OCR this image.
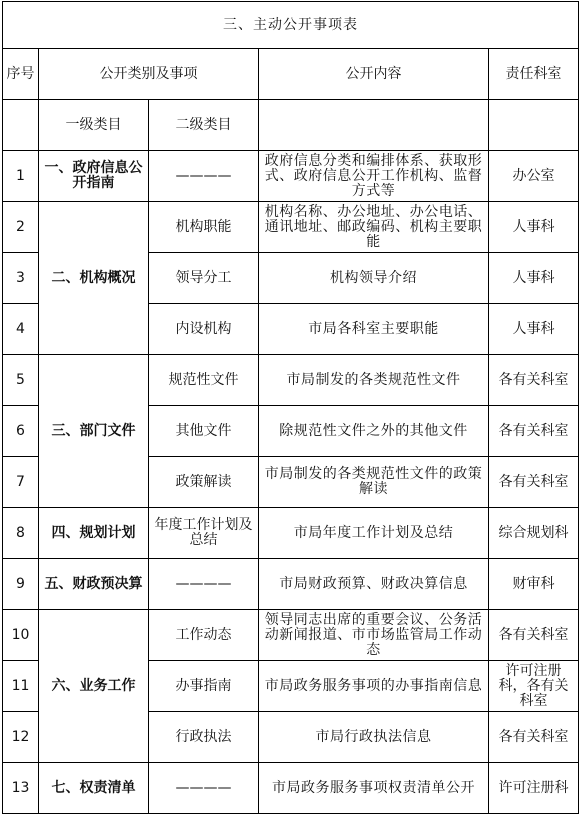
三、主动公开事项表				
序号	公开类别及事项		公开内容	责任科室
	一级类目	二级类目		
1	一、政府信息公开指南	————	政府信息分类和编排体系、获取形式、政府信息公开工作机构、监督方式等	办公室
2	二、机构概况	机构职能	机构名称、办公地址、办公电话、通讯地址、邮政编码、机构主要职能	人事科
3		领导分工	机构领导介绍	人事科
4		内设机构	市局各科室主要职能	人事科
5	三、部门文件	规范性文件	市局制发的各类规范性文件	各有关科室
6		其他文件	除规范性文件之外的其他文件	各有关科室
7		政策解读	市局制发的各类规范性文件的政策解读	各有关科室
8	四、规划计划	年度工作计划及总结	市局年度工作计划及总结	综合规划科
9	五、财政预决算	————	市局财政预算、财政决算信息	财审科
10	六、业务工作	工作动态	领导同志出席的重要会议、公务活动新闻报道、市市场监管局工作动态	各有关科室
11		办事指南	市局政务服务事项的办事指南信息	许可注册科，各有关科室
12		行政执法	市局行政执法信息	各有关科室
13	七、权责清单	————	市局政务服务事项权责清单公开	许可注册科
